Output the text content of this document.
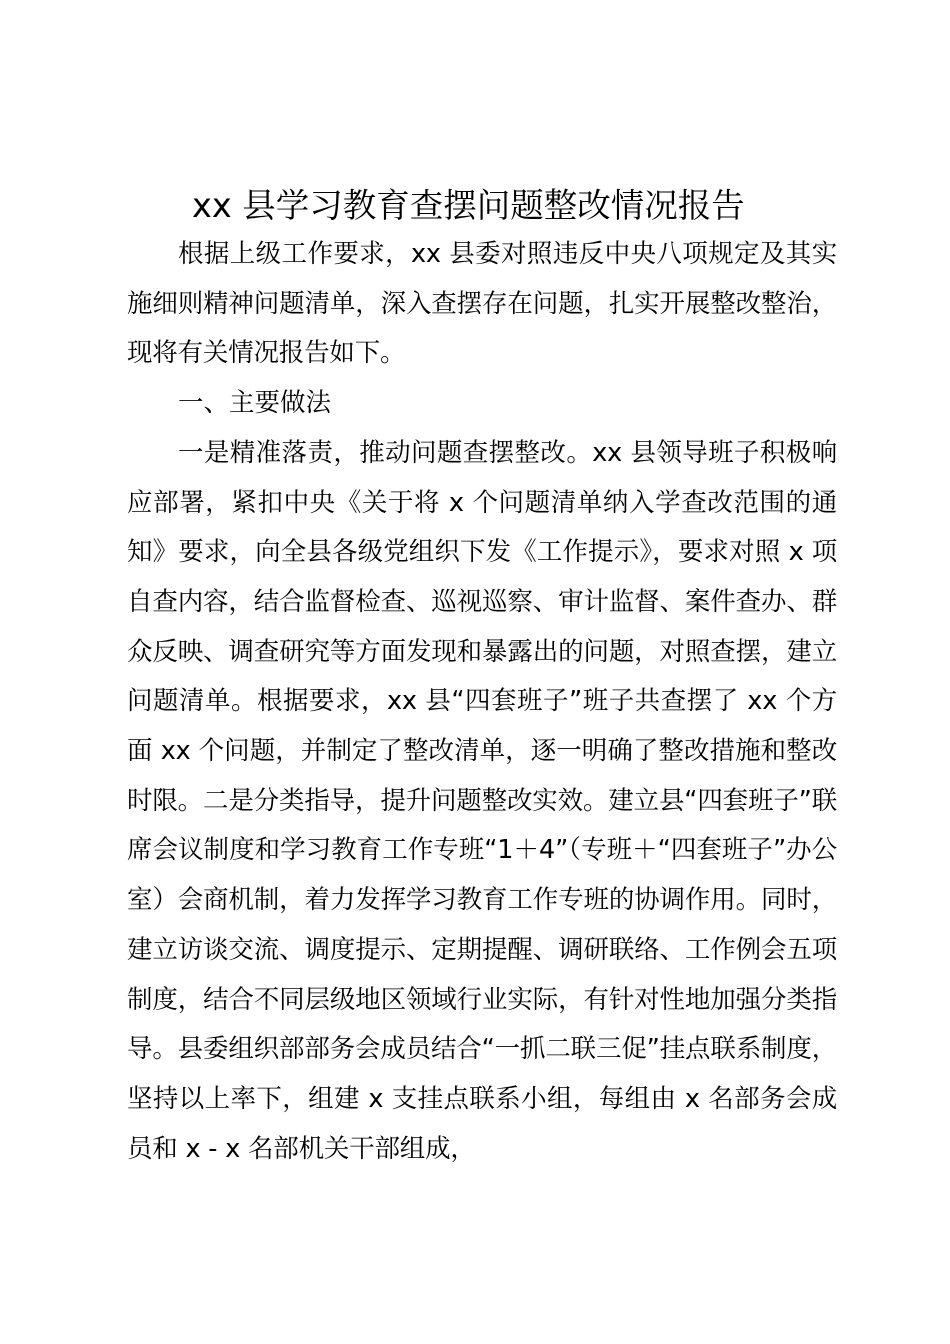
xx 县学习教育查摆问题整改情况报告

根据上级工作要求，xx 县委对照违反中央八项规定及其实施细则精神问题清单，深入查摆存在问题，扎实开展整改整治，现将有关情况报告如下。

一、主要做法

一是精准落责，推动问题查摆整改。xx 县领导班子积极响应部署，紧扣中央《关于将 x 个问题清单纳入学查改范围的通知》要求，向全县各级党组织下发《工作提示》，要求对照 x 项自查内容，结合监督检查、巡视巡察、审计监督、案件查办、群众反映、调查研究等方面发现和暴露出的问题，对照查摆，建立问题清单。根据要求，xx 县“四套班子”班子共查摆了 xx 个方面 xx 个问题，并制定了整改清单，逐一明确了整改措施和整改时限。二是分类指导，提升问题整改实效。建立县“四套班子”联席会议制度和学习教育工作专班“1＋4”（专班＋“四套班子”办公室）会商机制，着力发挥学习教育工作专班的协调作用。同时，建立访谈交流、调度提示、定期提醒、调研联络、工作例会五项制度，结合不同层级地区领域行业实际，有针对性地加强分类指导。县委组织部部务会成员结合“一抓二联三促”挂点联系制度，坚持以上率下，组建 x 支挂点联系小组，每组由 x 名部务会成员和 x - x 名部机关干部组成，
